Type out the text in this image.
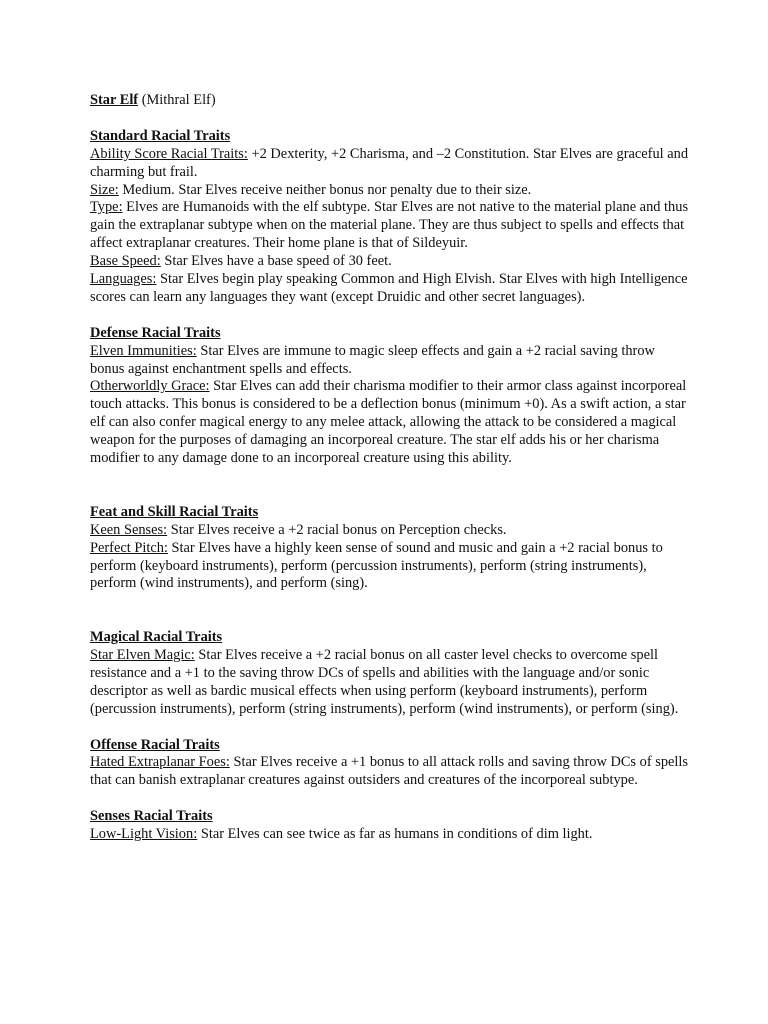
Star Elf (Mithral Elf)

Standard Racial Traits

Ability Score Racial Traits: +2 Dexterity, +2 Charisma, and –2 Constitution. Star Elves are graceful and charming but frail.

Size: Medium. Star Elves receive neither bonus nor penalty due to their size.

Type: Elves are Humanoids with the elf subtype. Star Elves are not native to the material plane and thus gain the extraplanar subtype when on the material plane. They are thus subject to spells and effects that affect extraplanar creatures. Their home plane is that of Sildeyuir.

Base Speed: Star Elves have a base speed of 30 feet.

Languages: Star Elves begin play speaking Common and High Elvish. Star Elves with high Intelligence scores can learn any languages they want (except Druidic and other secret languages).

Defense Racial Traits

Elven Immunities: Star Elves are immune to magic sleep effects and gain a +2 racial saving throw bonus against enchantment spells and effects.

Otherworldly Grace: Star Elves can add their charisma modifier to their armor class against incorporeal touch attacks. This bonus is considered to be a deflection bonus (minimum +0). As a swift action, a star elf can also confer magical energy to any melee attack, allowing the attack to be considered a magical weapon for the purposes of damaging an incorporeal creature. The star elf adds his or her charisma modifier to any damage done to an incorporeal creature using this ability.

Feat and Skill Racial Traits

Keen Senses: Star Elves receive a +2 racial bonus on Perception checks.

Perfect Pitch: Star Elves have a highly keen sense of sound and music and gain a +2 racial bonus to perform (keyboard instruments), perform (percussion instruments), perform (string instruments), perform (wind instruments), and perform (sing).

Magical Racial Traits

Star Elven Magic: Star Elves receive a +2 racial bonus on all caster level checks to overcome spell resistance and a +1 to the saving throw DCs of spells and abilities with the language and/or sonic descriptor as well as bardic musical effects when using perform (keyboard instruments), perform (percussion instruments), perform (string instruments), perform (wind instruments), or perform (sing).

Offense Racial Traits

Hated Extraplanar Foes: Star Elves receive a +1 bonus to all attack rolls and saving throw DCs of spells that can banish extraplanar creatures against outsiders and creatures of the incorporeal subtype.

Senses Racial Traits

Low-Light Vision: Star Elves can see twice as far as humans in conditions of dim light.
